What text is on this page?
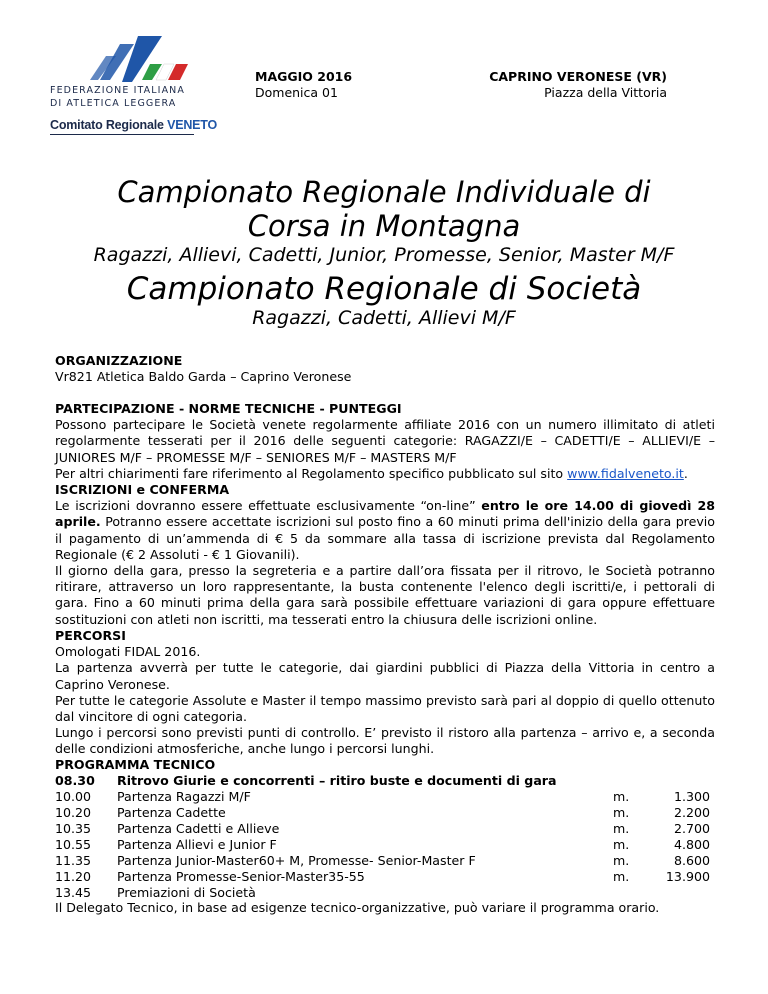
FEDERAZIONE ITALIANA
DI ATLETICA LEGGERA
Comitato Regionale VENETO
MAGGIO 2016
Domenica 01
CAPRINO VERONESE (VR)
Piazza della Vittoria
Campionato Regionale Individuale di
Corsa in Montagna
Ragazzi, Allievi, Cadetti, Junior, Promesse, Senior, Master M/F
Campionato Regionale di Società
Ragazzi, Cadetti, Allievi M/F
ORGANIZZAZIONE

Vr821 Atletica Baldo Garda – Caprino Veronese

PARTECIPAZIONE - NORME TECNICHE - PUNTEGGI

Possono partecipare le Società venete regolarmente affiliate 2016 con un numero illimitato di atleti regolarmente tesserati per il 2016 delle seguenti categorie: RAGAZZI/E – CADETTI/E – ALLIEVI/E – JUNIORES M/F – PROMESSE M/F – SENIORES M/F – MASTERS M/F

Per altri chiarimenti fare riferimento al Regolamento specifico pubblicato sul sito www.fidalveneto.it.

ISCRIZIONI e CONFERMA

Le iscrizioni dovranno essere effettuate esclusivamente “on-line” entro le ore 14.00 di giovedì 28 aprile. Potranno essere accettate iscrizioni sul posto fino a 60 minuti prima dell'inizio della gara previo il pagamento di un’ammenda di € 5 da sommare alla tassa di iscrizione prevista dal Regolamento Regionale (€ 2 Assoluti - € 1 Giovanili).

Il giorno della gara, presso la segreteria e a partire dall’ora fissata per il ritrovo, le Società potranno ritirare, attraverso un loro rappresentante, la busta contenente l'elenco degli iscritti/e, i pettorali di gara. Fino a 60 minuti prima della gara sarà possibile effettuare variazioni di gara oppure effettuare sostituzioni con atleti non iscritti, ma tesserati entro la chiusura delle iscrizioni online.

PERCORSI

Omologati FIDAL 2016.

La partenza avverrà per tutte le categorie, dai giardini pubblici di Piazza della Vittoria in centro a Caprino Veronese.

Per tutte le categorie Assolute e Master il tempo massimo previsto sarà pari al doppio di quello ottenuto dal vincitore di ogni categoria.

Lungo i percorsi sono previsti punti di controllo. E’ previsto il ristoro alla partenza – arrivo e, a seconda delle condizioni atmosferiche, anche lungo i percorsi lunghi.

PROGRAMMA TECNICO
08.30 Ritrovo Giurie e concorrenti – ritiro buste e documenti di gara
10.00 Partenza Ragazzi M/F	m.	1.300
10.20 Partenza Cadette	m.	2.200
10.35 Partenza Cadetti e Allieve	m.	2.700
10.55 Partenza Allievi e Junior F	m.	4.800
11.35 Partenza Junior-Master60+ M, Promesse- Senior-Master F	m.	8.600
11.20 Partenza Promesse-Senior-Master35-55	m.	13.900
13.45 Premiazioni di Società
Il Delegato Tecnico, in base ad esigenze tecnico-organizzative, può variare il programma orario.
